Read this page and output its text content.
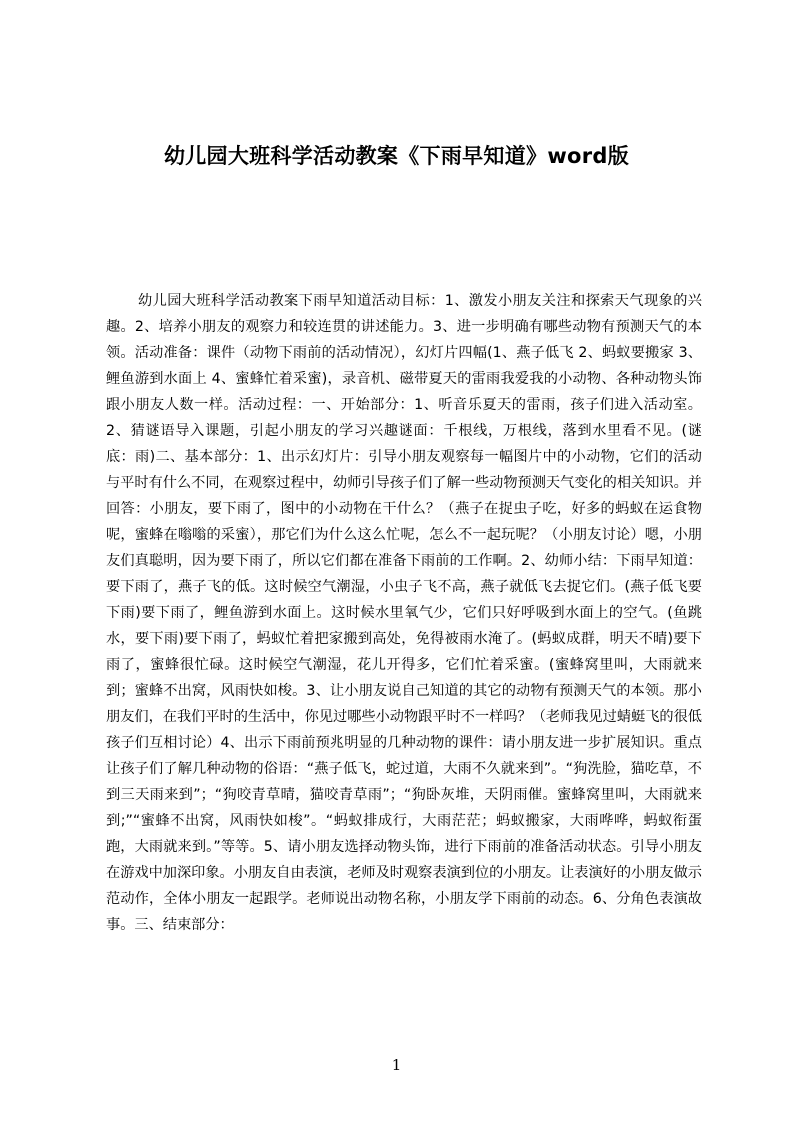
幼儿园大班科学活动教案《下雨早知道》word版

幼儿园大班科学活动教案下雨早知道活动目标：1、激发小朋友关注和探索天气现象的兴趣。2、培养小朋友的观察力和较连贯的讲述能力。3、进一步明确有哪些动物有预测天气的本领。活动准备：课件（动物下雨前的活动情况），幻灯片四幅(1、燕子低飞 2、蚂蚁要搬家 3、鲤鱼游到水面上 4、蜜蜂忙着采蜜)，录音机、磁带夏天的雷雨我爱我的小动物、各种动物头饰跟小朋友人数一样。活动过程：一、开始部分：1、听音乐夏天的雷雨，孩子们进入活动室。2、猜谜语导入课题，引起小朋友的学习兴趣谜面：千根线，万根线，落到水里看不见。(谜底：雨)二、基本部分：1、出示幻灯片：引导小朋友观察每一幅图片中的小动物，它们的活动与平时有什么不同，在观察过程中，幼师引导孩子们了解一些动物预测天气变化的相关知识。并回答：小朋友，要下雨了，图中的小动物在干什么？（燕子在捉虫子吃，好多的蚂蚁在运食物呢，蜜蜂在嗡嗡的采蜜），那它们为什么这么忙呢，怎么不一起玩呢？（小朋友讨论）嗯，小朋友们真聪明，因为要下雨了，所以它们都在准备下雨前的工作啊。2、幼师小结：下雨早知道：要下雨了，燕子飞的低。这时候空气潮湿，小虫子飞不高，燕子就低飞去捉它们。(燕子低飞要下雨)要下雨了，鲤鱼游到水面上。这时候水里氧气少，它们只好呼吸到水面上的空气。(鱼跳水，要下雨)要下雨了，蚂蚁忙着把家搬到高处，免得被雨水淹了。(蚂蚁成群，明天不晴)要下雨了，蜜蜂很忙碌。这时候空气潮湿，花儿开得多，它们忙着采蜜。(蜜蜂窝里叫，大雨就来到；蜜蜂不出窝，风雨快如梭。3、让小朋友说自己知道的其它的动物有预测天气的本领。那小朋友们，在我们平时的生活中，你见过哪些小动物跟平时不一样吗？（老师我见过蜻蜓飞的很低孩子们互相讨论）4、出示下雨前预兆明显的几种动物的课件：请小朋友进一步扩展知识。重点让孩子们了解几种动物的俗语：“燕子低飞，蛇过道，大雨不久就来到”。“狗洗脸，猫吃草，不到三天雨来到”；“狗咬青草晴，猫咬青草雨”；“狗卧灰堆，天阴雨催。蜜蜂窝里叫，大雨就来到;”“蜜蜂不出窝，风雨快如梭”。“蚂蚁排成行，大雨茫茫；蚂蚁搬家，大雨哗哗，蚂蚁衔蛋跑，大雨就来到。”等等。5、请小朋友选择动物头饰，进行下雨前的准备活动状态。引导小朋友在游戏中加深印象。小朋友自由表演，老师及时观察表演到位的小朋友。让表演好的小朋友做示范动作，全体小朋友一起跟学。老师说出动物名称，小朋友学下雨前的动态。6、分角色表演故事。三、结束部分：

1
